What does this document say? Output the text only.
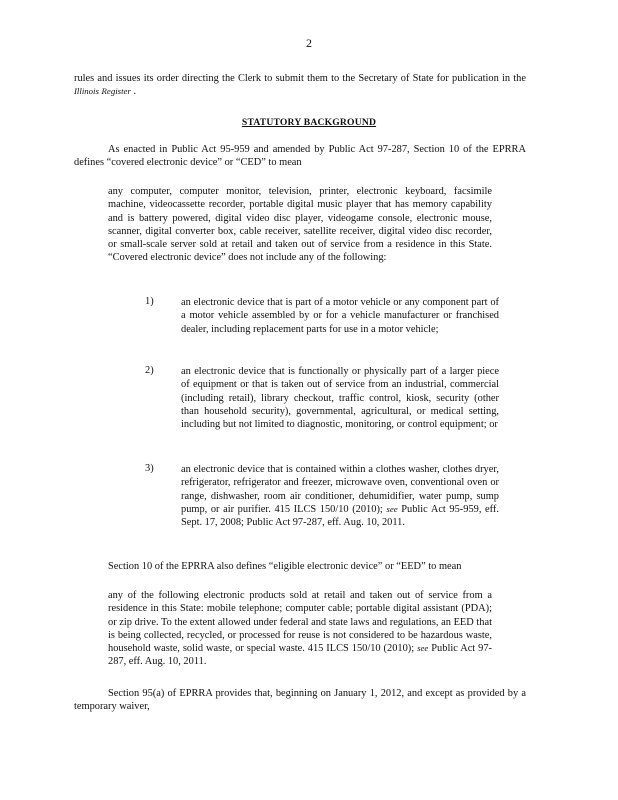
2

rules and issues its order directing the Clerk to submit them to the Secretary of State for publication in the Illinois Register .

STATUTORY BACKGROUND

As enacted in Public Act 95-959 and amended by Public Act 97-287, Section 10 of the EPRRA defines “covered electronic device” or “CED” to mean

any computer, computer monitor, television, printer, electronic keyboard, facsimile machine, videocassette recorder, portable digital music player that has memory capability and is battery powered, digital video disc player, videogame console, electronic mouse, scanner, digital converter box, cable receiver, satellite receiver, digital video disc recorder, or small-scale server sold at retail and taken out of service from a residence in this State. “Covered electronic device” does not include any of the following:

1)	an electronic device that is part of a motor vehicle or any component part of a motor vehicle assembled by or for a vehicle manufacturer or franchised dealer, including replacement parts for use in a motor vehicle;

2)	an electronic device that is functionally or physically part of a larger piece of equipment or that is taken out of service from an industrial, commercial (including retail), library checkout, traffic control, kiosk, security (other than household security), governmental, agricultural, or medical setting, including but not limited to diagnostic, monitoring, or control equipment; or

3)	an electronic device that is contained within a clothes washer, clothes dryer, refrigerator, refrigerator and freezer, microwave oven, conventional oven or range, dishwasher, room air conditioner, dehumidifier, water pump, sump pump, or air purifier. 415 ILCS 150/10 (2010); see Public Act 95-959, eff. Sept. 17, 2008; Public Act 97-287, eff. Aug. 10, 2011.

Section 10 of the EPRRA also defines “eligible electronic device” or “EED” to mean

any of the following electronic products sold at retail and taken out of service from a residence in this State: mobile telephone; computer cable; portable digital assistant (PDA); or zip drive. To the extent allowed under federal and state laws and regulations, an EED that is being collected, recycled, or processed for reuse is not considered to be hazardous waste, household waste, solid waste, or special waste. 415 ILCS 150/10 (2010); see Public Act 97-287, eff. Aug. 10, 2011.

Section 95(a) of EPRRA provides that, beginning on January 1, 2012, and except as provided by a temporary waiver,
